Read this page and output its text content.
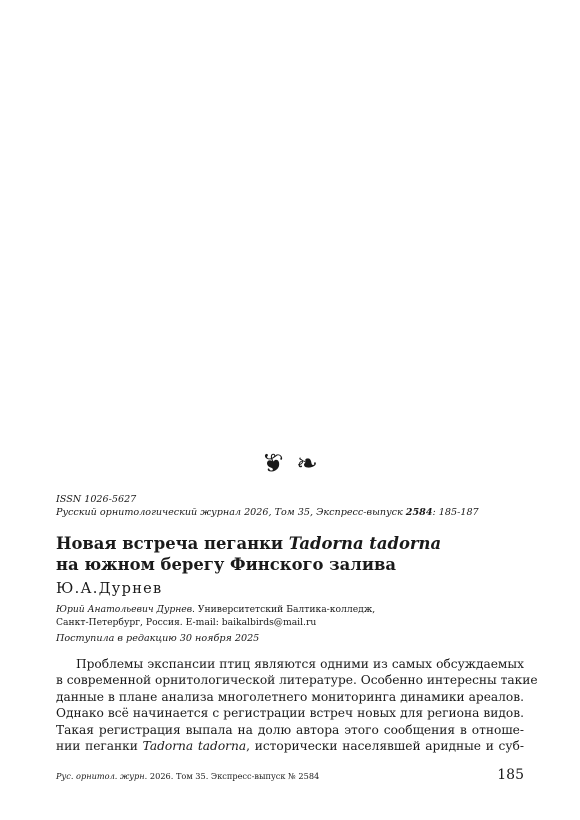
❦ ❧
ISSN 1026-5627
Русский орнитологический журнал 2026, Том 35, Экспресс-выпуск 2584: 185-187
Новая встреча пеганки Tadorna tadorna
на южном берегу Финского залива
Ю.А.Дурнев
Юрий Анатольевич Дурнев. Университетский Балтика-колледж,
Санкт-Петербург, Россия. E-mail: baikalbirds@mail.ru
Поступила в редакцию 30 ноября 2025
Проблемы экспансии птиц являются одними из самых обсуждаемых
в современной орнитологической литературе. Особенно интересны такие
данные в плане анализа многолетнего мониторинга динамики ареалов.
Однако всё начинается с регистрации встреч новых для региона видов.
Такая регистрация выпала на долю автора этого сообщения в отноше-
нии пеганки Tadorna tadorna, исторически населявшей аридные и суб-
Рус. орнитол. журн. 2026. Том 35. Экспресс-выпуск № 2584	185
